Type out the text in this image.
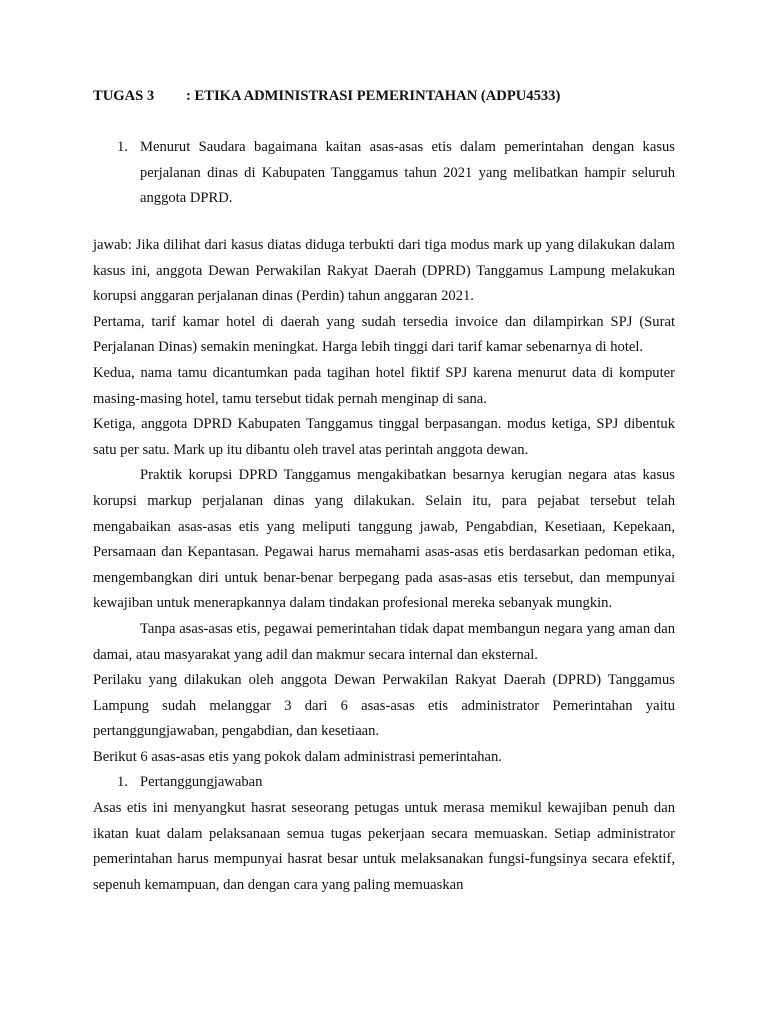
TUGAS 3 : ETIKA ADMINISTRASI PEMERINTAHAN (ADPU4533)
1. Menurut Saudara bagaimana kaitan asas-asas etis dalam pemerintahan dengan kasus perjalanan dinas di Kabupaten Tanggamus tahun 2021 yang melibatkan hampir seluruh anggota DPRD.

jawab: Jika dilihat dari kasus diatas diduga terbukti dari tiga modus mark up yang dilakukan dalam kasus ini, anggota Dewan Perwakilan Rakyat Daerah (DPRD) Tanggamus Lampung melakukan korupsi anggaran perjalanan dinas (Perdin) tahun anggaran 2021.

Pertama, tarif kamar hotel di daerah yang sudah tersedia invoice dan dilampirkan SPJ (Surat Perjalanan Dinas) semakin meningkat. Harga lebih tinggi dari tarif kamar sebenarnya di hotel.

Kedua, nama tamu dicantumkan pada tagihan hotel fiktif SPJ karena menurut data di komputer masing-masing hotel, tamu tersebut tidak pernah menginap di sana.

Ketiga, anggota DPRD Kabupaten Tanggamus tinggal berpasangan. modus ketiga, SPJ dibentuk satu per satu. Mark up itu dibantu oleh travel atas perintah anggota dewan.

Praktik korupsi DPRD Tanggamus mengakibatkan besarnya kerugian negara atas kasus korupsi markup perjalanan dinas yang dilakukan. Selain itu, para pejabat tersebut telah mengabaikan asas-asas etis yang meliputi tanggung jawab, Pengabdian, Kesetiaan, Kepekaan, Persamaan dan Kepantasan. Pegawai harus memahami asas-asas etis berdasarkan pedoman etika, mengembangkan diri untuk benar-benar berpegang pada asas-asas etis tersebut, dan mempunyai kewajiban untuk menerapkannya dalam tindakan profesional mereka sebanyak mungkin.

Tanpa asas-asas etis, pegawai pemerintahan tidak dapat membangun negara yang aman dan damai, atau masyarakat yang adil dan makmur secara internal dan eksternal.

Perilaku yang dilakukan oleh anggota Dewan Perwakilan Rakyat Daerah (DPRD) Tanggamus Lampung sudah melanggar 3 dari 6 asas-asas etis administrator Pemerintahan yaitu pertanggungjawaban, pengabdian, dan kesetiaan.

Berikut 6 asas-asas etis yang pokok dalam administrasi pemerintahan.

1. Pertanggungjawaban

Asas etis ini menyangkut hasrat seseorang petugas untuk merasa memikul kewajiban penuh dan ikatan kuat dalam pelaksanaan semua tugas pekerjaan secara memuaskan. Setiap administrator pemerintahan harus mempunyai hasrat besar untuk melaksanakan fungsi-fungsinya secara efektif, sepenuh kemampuan, dan dengan cara yang paling memuaskan
